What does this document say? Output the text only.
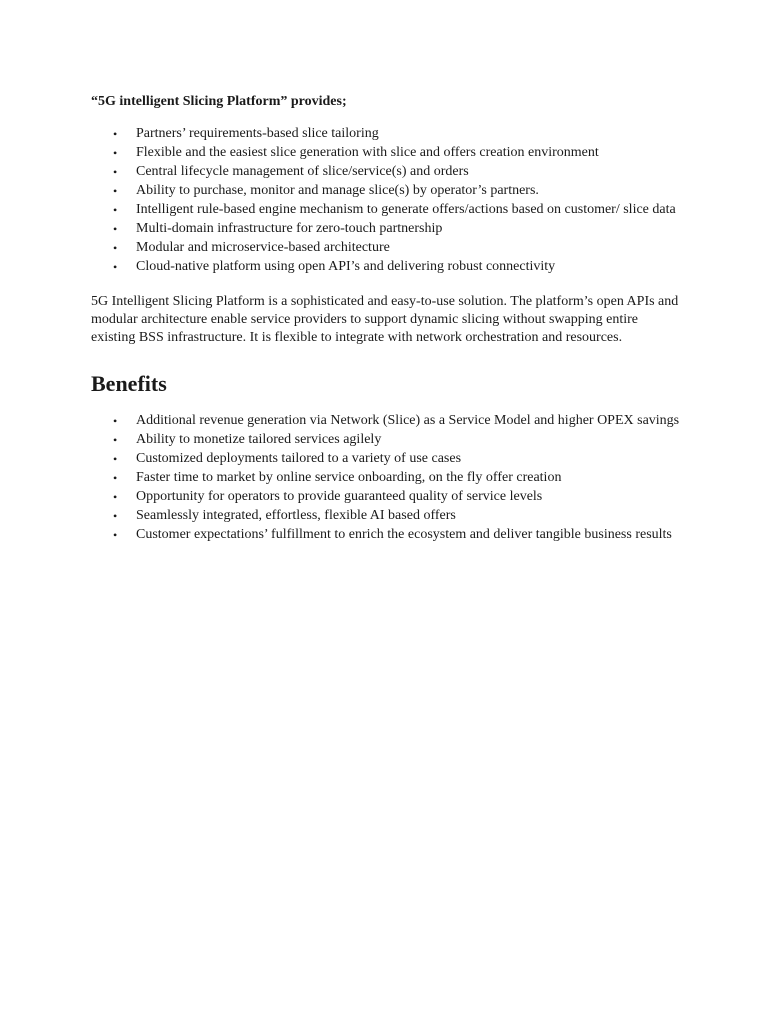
“5G intelligent Slicing Platform” provides;

• Partners’ requirements-based slice tailoring
• Flexible and the easiest slice generation with slice and offers creation environment
• Central lifecycle management of slice/service(s) and orders
• Ability to purchase, monitor and manage slice(s) by operator’s partners.
• Intelligent rule-based engine mechanism to generate offers/actions based on customer/ slice data
• Multi-domain infrastructure for zero-touch partnership
• Modular and microservice-based architecture
• Cloud-native platform using open API’s and delivering robust connectivity

5G Intelligent Slicing Platform is a sophisticated and easy-to-use solution. The platform’s open APIs and modular architecture enable service providers to support dynamic slicing without swapping entire existing BSS infrastructure. It is flexible to integrate with network orchestration and resources.

Benefits
• Additional revenue generation via Network (Slice) as a Service Model and higher OPEX savings
• Ability to monetize tailored services agilely
• Customized deployments tailored to a variety of use cases
• Faster time to market by online service onboarding, on the fly offer creation
• Opportunity for operators to provide guaranteed quality of service levels
• Seamlessly integrated, effortless, flexible AI based offers
• Customer expectations’ fulfillment to enrich the ecosystem and deliver tangible business results
